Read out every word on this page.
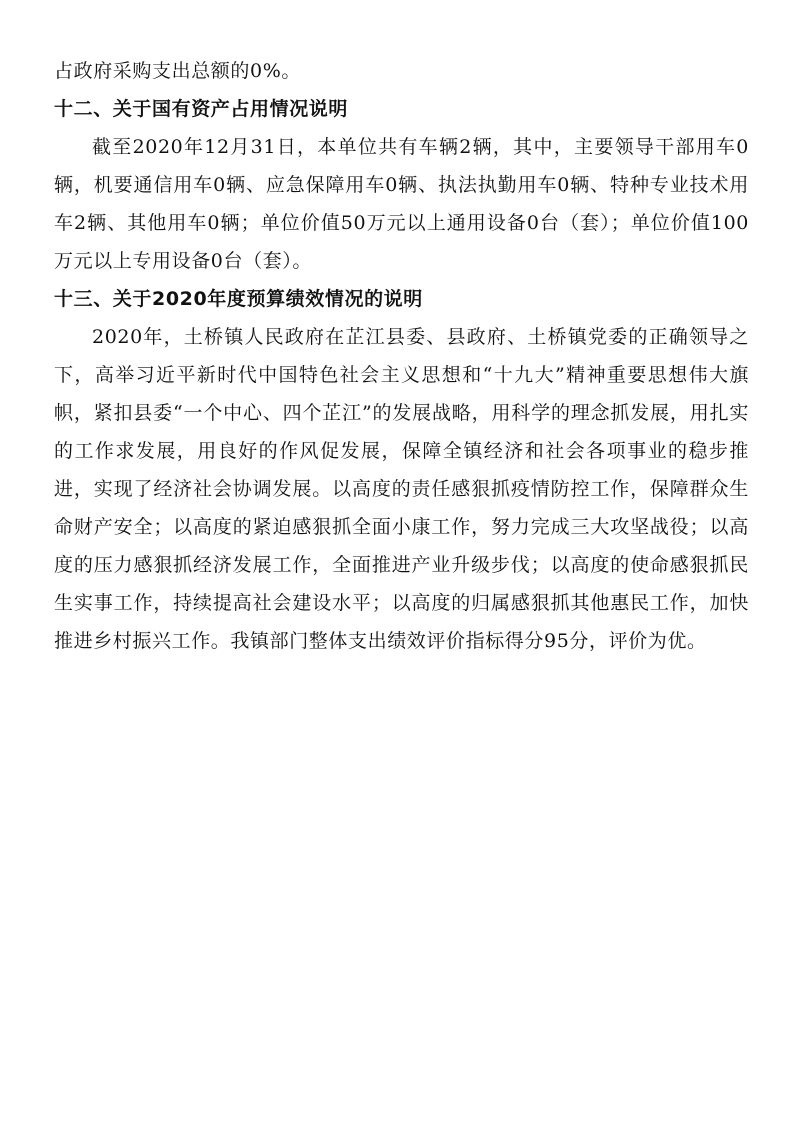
占政府采购支出总额的0%。

十二、关于国有资产占用情况说明

截至2020年12月31日，本单位共有车辆2辆，其中，主要领导干部用车0辆，机要通信用车0辆、应急保障用车0辆、执法执勤用车0辆、特种专业技术用车2辆、其他用车0辆；单位价值50万元以上通用设备0台（套）；单位价值100万元以上专用设备0台（套）。

十三、关于2020年度预算绩效情况的说明

2020年，土桥镇人民政府在芷江县委、县政府、土桥镇党委的正确领导之下，高举习近平新时代中国特色社会主义思想和“十九大”精神重要思想伟大旗帜，紧扣县委“一个中心、四个芷江”的发展战略，用科学的理念抓发展，用扎实的工作求发展，用良好的作风促发展，保障全镇经济和社会各项事业的稳步推进，实现了经济社会协调发展。以高度的责任感狠抓疫情防控工作，保障群众生命财产安全；以高度的紧迫感狠抓全面小康工作，努力完成三大攻坚战役；以高度的压力感狠抓经济发展工作，全面推进产业升级步伐；以高度的使命感狠抓民生实事工作，持续提高社会建设水平；以高度的归属感狠抓其他惠民工作，加快推进乡村振兴工作。我镇部门整体支出绩效评价指标得分95分，评价为优。
